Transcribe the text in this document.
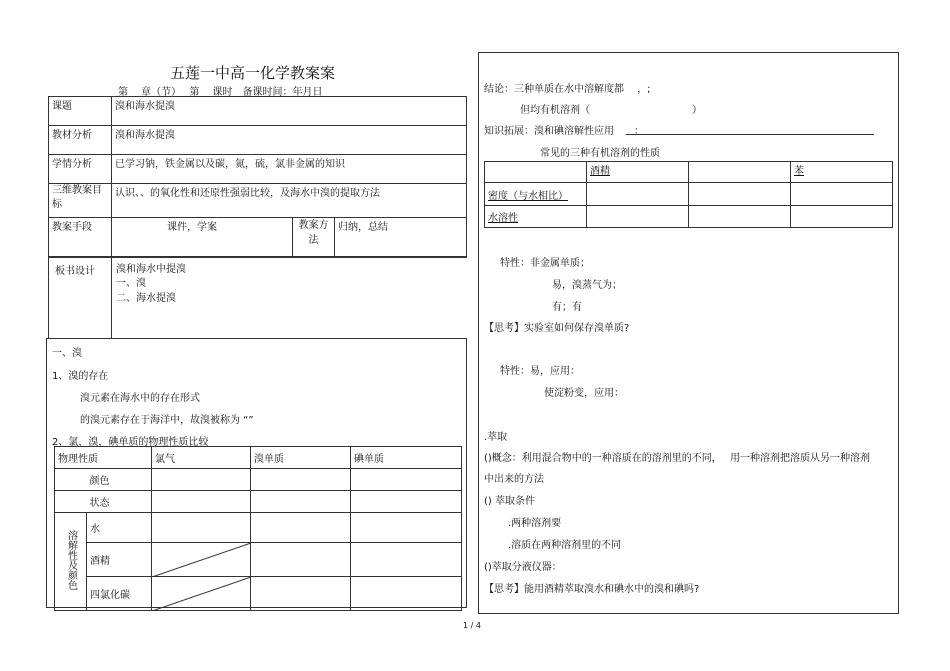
五莲一中高一化学教案案
第　 章（节）　 第　 课时　备课时间：年月日
课题	溴和海水提溴
教材分析	溴和海水提溴
学情分析	已学习钠，铁金属以及碳，氮，硫，氯非金属的知识
三维教案目标	认识、、的氧化性和还原性强弱比较，及海水中溴的提取方法
教案手段	课件，学案	教案方法	归纳，总结
板书设计 溴和海水中提溴
一、溴
二、海水提溴
一、溴
1、溴的存在
溴元素在海水中的存在形式
的溴元素存在于海洋中，故溴被称为 “”
2、氯，溴，碘单质的物理性质比较
物理性质		氯气	溴单质	碘单质
	颜色			
	状态			
溶解性及颜色	水			
	酒精	

	四氯化碳	

结论：三种单质在水中溶解度都　 ，;
但均有机溶剂（	）
知识拓展：溴和碘溶解性应用 ：
常见的三种有机溶剂的性质
	酒精		苯
密度（与水相比）			
水溶性			
特性：非金属单质；
易，溴蒸气为；
有；有
【思考】实验室如何保存溴单质?
特性：易，应用：
使淀粉变，应用：
.萃取
()概念：利用混合物中的一种溶质在的溶剂里的不同，　 用一种溶剂把溶质从另一种溶剂
中出来的方法
() 萃取条件
.两种溶剂要
.溶质在两种溶剂里的不同
()萃取分液仪器：
【思考】能用酒精萃取溴水和碘水中的溴和碘吗?
1 / 4
